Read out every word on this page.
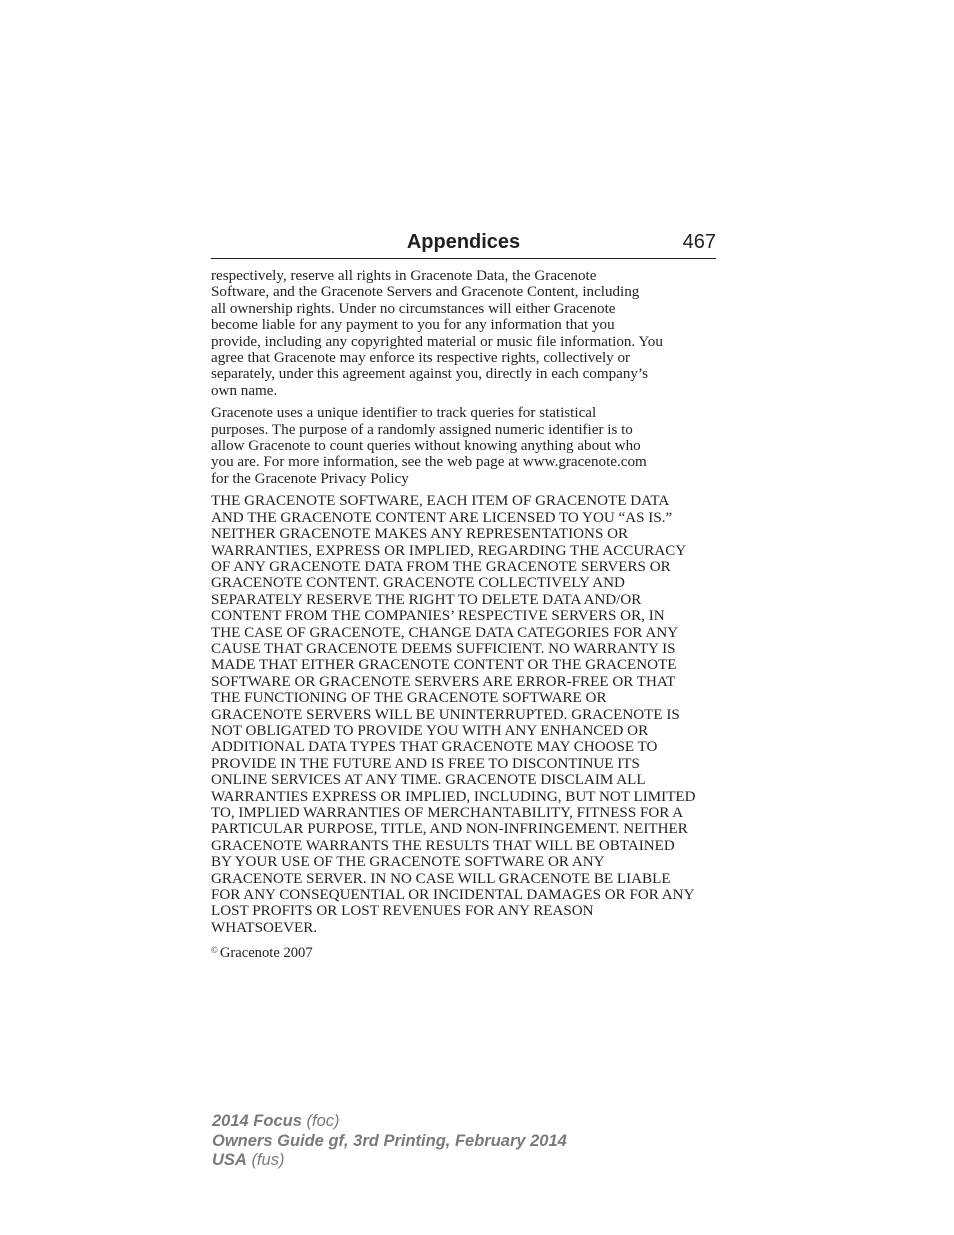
Appendices	467

respectively, reserve all rights in Gracenote Data, the Gracenote
Software, and the Gracenote Servers and Gracenote Content, including
all ownership rights. Under no circumstances will either Gracenote
become liable for any payment to you for any information that you
provide, including any copyrighted material or music file information. You
agree that Gracenote may enforce its respective rights, collectively or
separately, under this agreement against you, directly in each company’s
own name.

Gracenote uses a unique identifier to track queries for statistical
purposes. The purpose of a randomly assigned numeric identifier is to
allow Gracenote to count queries without knowing anything about who
you are. For more information, see the web page at www.gracenote.com
for the Gracenote Privacy Policy

THE GRACENOTE SOFTWARE, EACH ITEM OF GRACENOTE DATA
AND THE GRACENOTE CONTENT ARE LICENSED TO YOU “AS IS.”
NEITHER GRACENOTE MAKES ANY REPRESENTATIONS OR
WARRANTIES, EXPRESS OR IMPLIED, REGARDING THE ACCURACY
OF ANY GRACENOTE DATA FROM THE GRACENOTE SERVERS OR
GRACENOTE CONTENT. GRACENOTE COLLECTIVELY AND
SEPARATELY RESERVE THE RIGHT TO DELETE DATA AND/OR
CONTENT FROM THE COMPANIES’ RESPECTIVE SERVERS OR, IN
THE CASE OF GRACENOTE, CHANGE DATA CATEGORIES FOR ANY
CAUSE THAT GRACENOTE DEEMS SUFFICIENT. NO WARRANTY IS
MADE THAT EITHER GRACENOTE CONTENT OR THE GRACENOTE
SOFTWARE OR GRACENOTE SERVERS ARE ERROR-FREE OR THAT
THE FUNCTIONING OF THE GRACENOTE SOFTWARE OR
GRACENOTE SERVERS WILL BE UNINTERRUPTED. GRACENOTE IS
NOT OBLIGATED TO PROVIDE YOU WITH ANY ENHANCED OR
ADDITIONAL DATA TYPES THAT GRACENOTE MAY CHOOSE TO
PROVIDE IN THE FUTURE AND IS FREE TO DISCONTINUE ITS
ONLINE SERVICES AT ANY TIME. GRACENOTE DISCLAIM ALL
WARRANTIES EXPRESS OR IMPLIED, INCLUDING, BUT NOT LIMITED
TO, IMPLIED WARRANTIES OF MERCHANTABILITY, FITNESS FOR A
PARTICULAR PURPOSE, TITLE, AND NON-INFRINGEMENT. NEITHER
GRACENOTE WARRANTS THE RESULTS THAT WILL BE OBTAINED
BY YOUR USE OF THE GRACENOTE SOFTWARE OR ANY
GRACENOTE SERVER. IN NO CASE WILL GRACENOTE BE LIABLE
FOR ANY CONSEQUENTIAL OR INCIDENTAL DAMAGES OR FOR ANY
LOST PROFITS OR LOST REVENUES FOR ANY REASON
WHATSOEVER.

© Gracenote 2007

2014 Focus (foc)
Owners Guide gf, 3rd Printing, February 2014
USA (fus)
